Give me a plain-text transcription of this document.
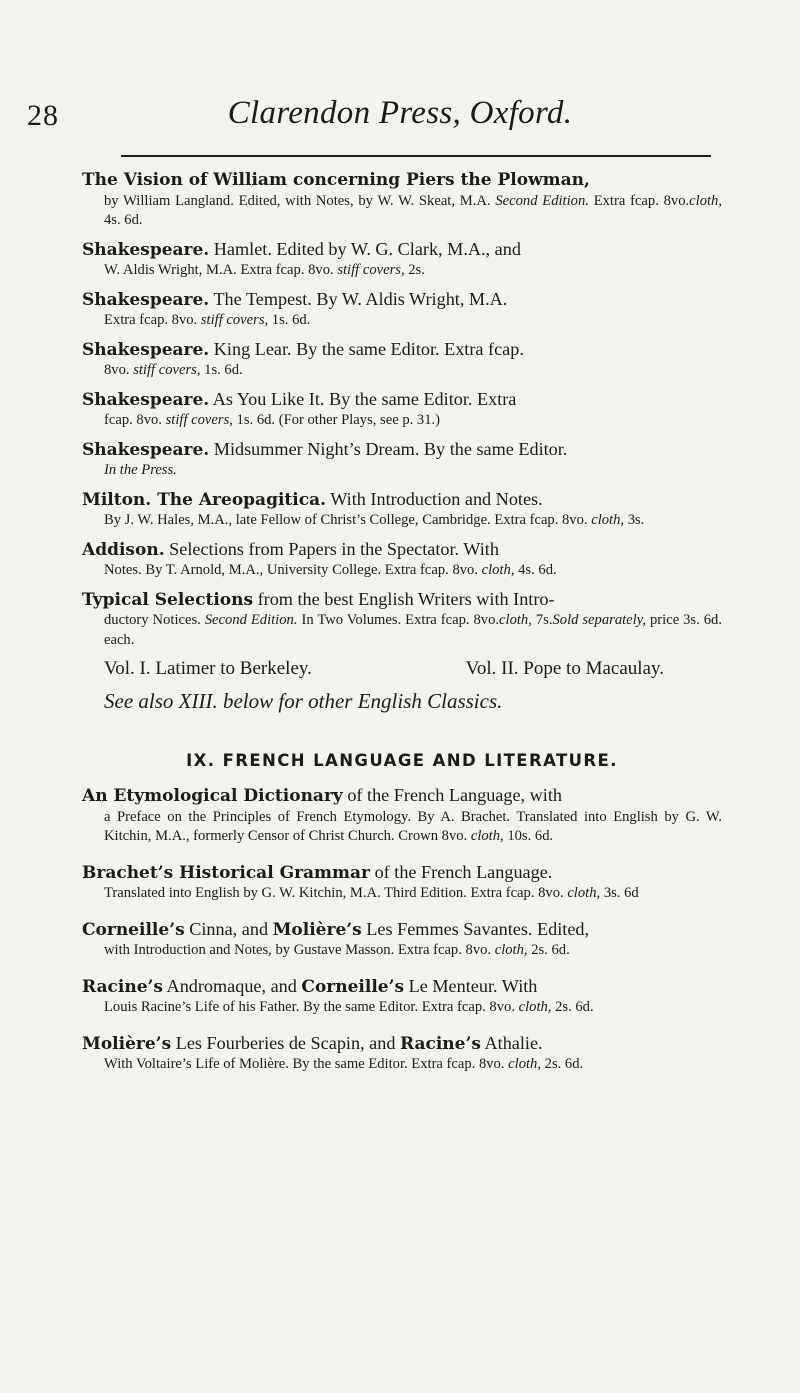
28	Clarendon Press, Oxford.
The Vision of William concerning Piers the Plowman,
by William Langland. Edited, with Notes, by W. W. Skeat, M.A. Second Edition. Extra fcap. 8vo.cloth, 4s. 6d.
Shakespeare. Hamlet. Edited by W. G. Clark, M.A., and
W. Aldis Wright, M.A. Extra fcap. 8vo. stiff covers, 2s.
Shakespeare. The Tempest. By W. Aldis Wright, M.A.
Extra fcap. 8vo. stiff covers, 1s. 6d.
Shakespeare. King Lear. By the same Editor. Extra fcap.
8vo. stiff covers, 1s. 6d.
Shakespeare. As You Like It. By the same Editor. Extra
fcap. 8vo. stiff covers, 1s. 6d. (For other Plays, see p. 31.)
Shakespeare. Midsummer Night’s Dream. By the same Editor.
In the Press.
Milton. The Areopagitica. With Introduction and Notes.
By J. W. Hales, M.A., late Fellow of Christ’s College, Cambridge. Extra fcap. 8vo. cloth, 3s.
Addison. Selections from Papers in the Spectator. With
Notes. By T. Arnold, M.A., University College. Extra fcap. 8vo. cloth, 4s. 6d.
Typical Selections from the best English Writers with Intro-
ductory Notices. Second Edition. In Two Volumes. Extra fcap. 8vo.cloth, 7s.Sold separately, price 3s. 6d. each.
Vol. I. Latimer to Berkeley.	Vol. II. Pope to Macaulay.
See also XIII. below for other English Classics.
IX. FRENCH LANGUAGE AND LITERATURE.
An Etymological Dictionary of the French Language, with
a Preface on the Principles of French Etymology. By A. Brachet. Translated into English by G. W. Kitchin, M.A., formerly Censor of Christ Church. Crown 8vo. cloth, 10s. 6d.
Brachet’s Historical Grammar of the French Language.
Translated into English by G. W. Kitchin, M.A. Third Edition. Extra fcap. 8vo. cloth, 3s. 6d
Corneille’s Cinna, and Molière’s Les Femmes Savantes. Edited,
with Introduction and Notes, by Gustave Masson. Extra fcap. 8vo. cloth, 2s. 6d.
Racine’s Andromaque, and Corneille’s Le Menteur. With
Louis Racine’s Life of his Father. By the same Editor. Extra fcap. 8vo. cloth, 2s. 6d.
Molière’s Les Fourberies de Scapin, and Racine’s Athalie.
With Voltaire’s Life of Molière. By the same Editor. Extra fcap. 8vo. cloth, 2s. 6d.
